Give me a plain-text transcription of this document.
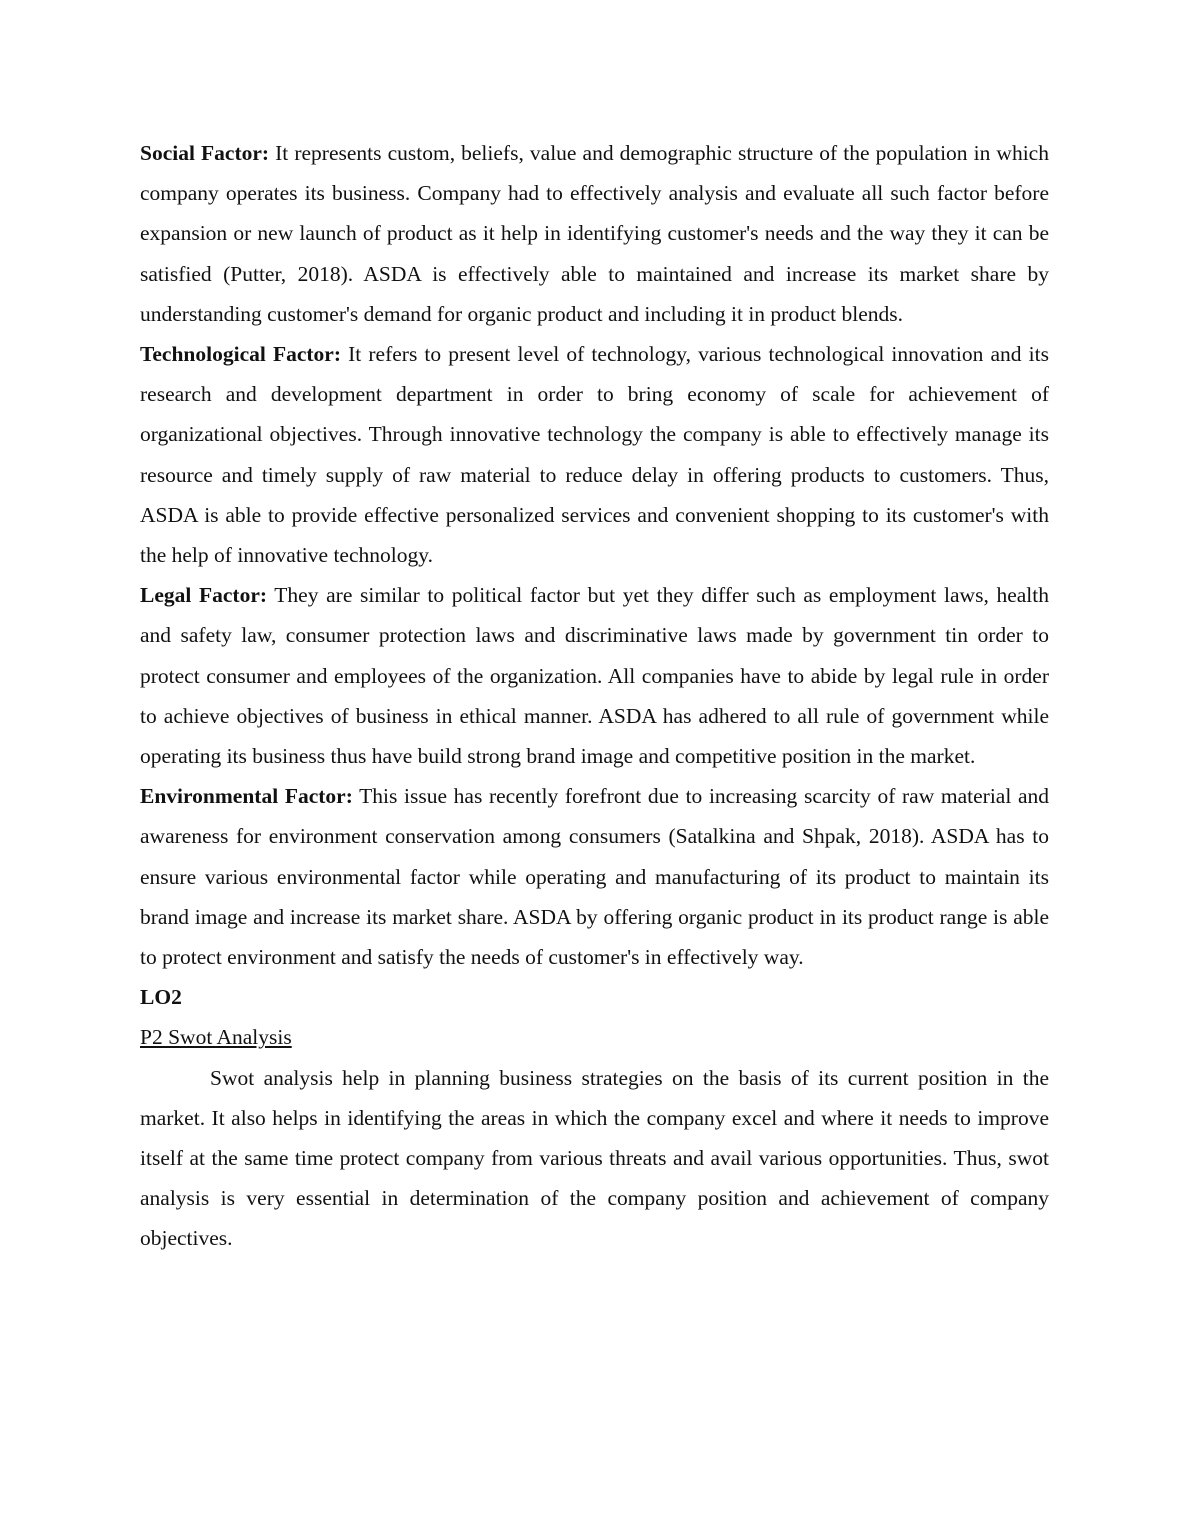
Social Factor: It represents custom, beliefs, value and demographic structure of the population in which company operates its business. Company had to effectively analysis and evaluate all such factor before expansion or new launch of product as it help in identifying customer's needs and the way they it can be satisfied (Putter, 2018). ASDA is effectively able to maintained and increase its market share by understanding customer's demand for organic product and including it in product blends.

Technological Factor: It refers to present level of technology, various technological innovation and its research and development department in order to bring economy of scale for achievement of organizational objectives. Through innovative technology the company is able to effectively manage its resource and timely supply of raw material to reduce delay in offering products to customers. Thus, ASDA is able to provide effective personalized services and convenient shopping to its customer's with the help of innovative technology.

Legal Factor: They are similar to political factor but yet they differ such as employment laws, health and safety law, consumer protection laws and discriminative laws made by government tin order to protect consumer and employees of the organization. All companies have to abide by legal rule in order to achieve objectives of business in ethical manner. ASDA has adhered to all rule of government while operating its business thus have build strong brand image and competitive position in the market.

Environmental Factor: This issue has recently forefront due to increasing scarcity of raw material and awareness for environment conservation among consumers (Satalkina and Shpak, 2018). ASDA has to ensure various environmental factor while operating and manufacturing of its product to maintain its brand image and increase its market share. ASDA by offering organic product in its product range is able to protect environment and satisfy the needs of customer's in effectively way.

LO2

P2 Swot Analysis

Swot analysis help in planning business strategies on the basis of its current position in the market. It also helps in identifying the areas in which the company excel and where it needs to improve itself at the same time protect company from various threats and avail various opportunities. Thus, swot analysis is very essential in determination of the company position and achievement of company objectives.
